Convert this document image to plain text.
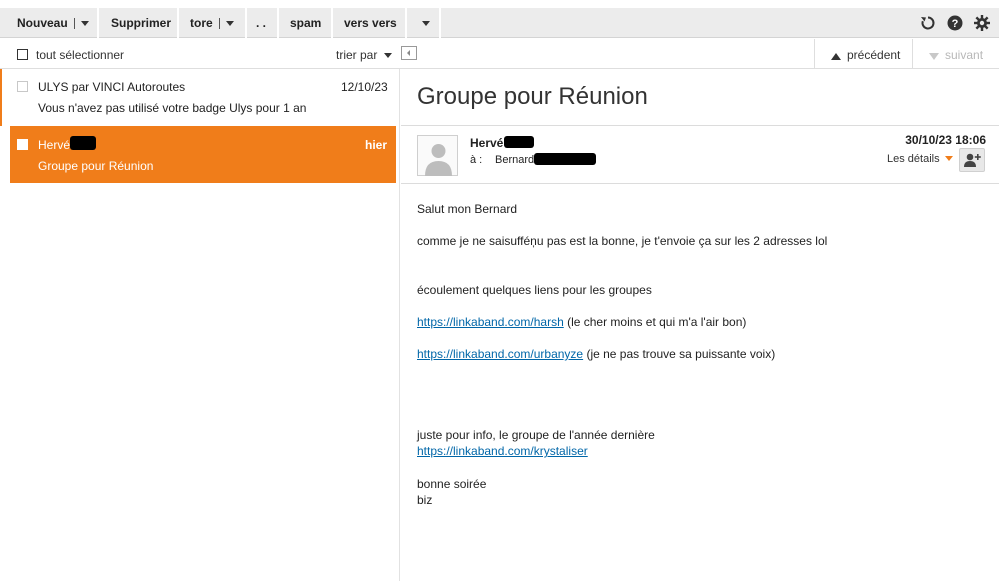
Nouveau	Supprimer tore	. . spam vers vers	?
tout sélectionner	trier par	précédent	suivant
ULYS par VINCI Autoroutes	12/10/23
Vous n'avez pas utilisé votre badge Ulys pour 1 an
Hervé	hier
Groupe pour Réunion
Groupe pour Réunion
Hervé
à : Bernard
30/10/23 18:06
Les détails
Salut mon Bernard
comme je ne saisufféņu pas est la bonne, je t'envoie ça sur les 2 adresses lol
écoulement quelques liens pour les groupes
https://linkaband.com/harsh (le cher moins et qui m'a l'air bon)
https://linkaband.com/urbanyze (je ne pas trouve sa puissante voix)
juste pour info, le groupe de l'année dernière
https://linkaband.com/krystaliser
bonne soirée
biz
